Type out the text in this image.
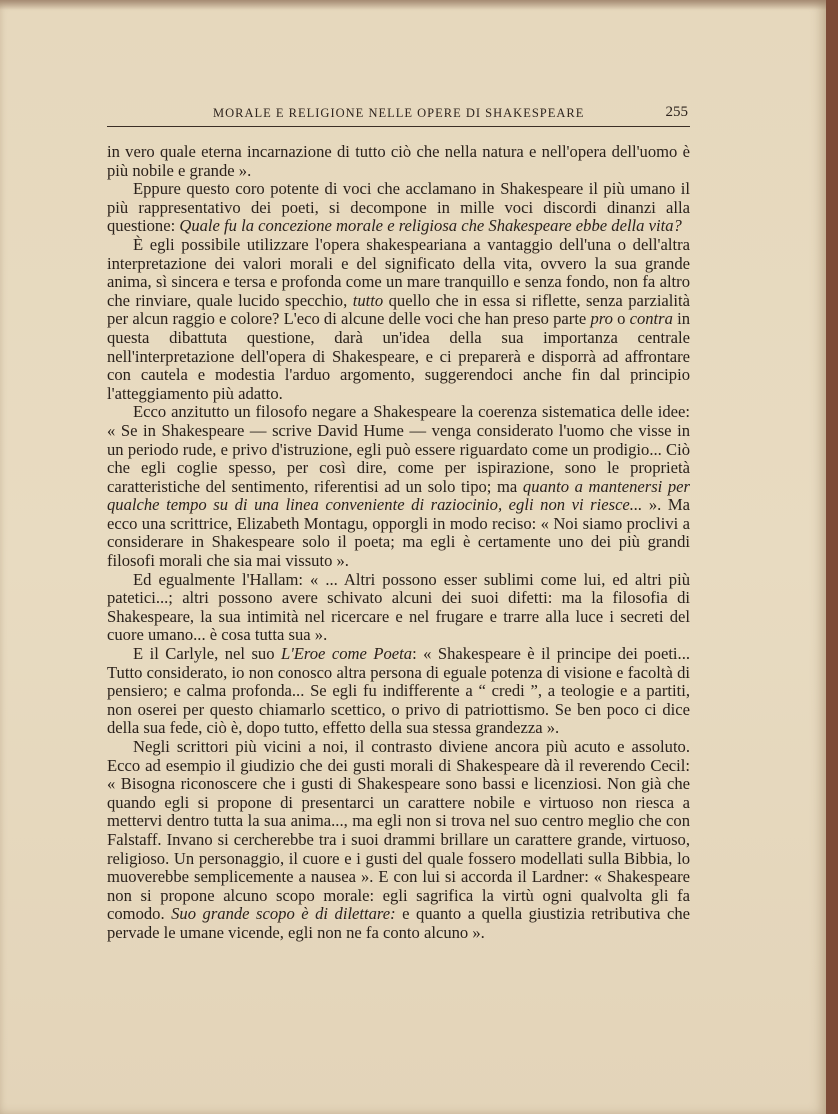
MORALE E RELIGIONE NELLE OPERE DI SHAKESPEARE	255

in vero quale eterna incarnazione di tutto ciò che nella natura e nell'opera dell'uomo è più nobile e grande ».

Eppure questo coro potente di voci che acclamano in Shakespeare il più umano il più rappresentativo dei poeti, si decompone in mille voci discordi dinanzi alla questione: Quale fu la concezione morale e religiosa che Shakespeare ebbe della vita?

È egli possibile utilizzare l'opera shakespeariana a vantaggio dell'una o dell'altra interpretazione dei valori morali e del significato della vita, ovvero la sua grande anima, sì sincera e tersa e profonda come un mare tranquillo e senza fondo, non fa altro che rinviare, quale lucido specchio, tutto quello che in essa si riflette, senza parzialità per alcun raggio e colore? L'eco di alcune delle voci che han preso parte pro o contra in questa dibattuta questione, darà un'idea della sua importanza centrale nell'interpretazione dell'opera di Shakespeare, e ci preparerà e disporrà ad affrontare con cautela e modestia l'arduo argomento, suggerendoci anche fin dal principio l'atteggiamento più adatto.

Ecco anzitutto un filosofo negare a Shakespeare la coerenza sistematica delle idee: « Se in Shakespeare — scrive David Hume — venga considerato l'uomo che visse in un periodo rude, e privo d'istruzione, egli può essere riguardato come un prodigio... Ciò che egli coglie spesso, per così dire, come per ispirazione, sono le proprietà caratteristiche del sentimento, riferentisi ad un solo tipo; ma quanto a mantenersi per qualche tempo su di una linea conveniente di raziocinio, egli non vi riesce... ». Ma ecco una scrittrice, Elizabeth Montagu, opporgli in modo reciso: « Noi siamo proclivi a considerare in Shakespeare solo il poeta; ma egli è certamente uno dei più grandi filosofi morali che sia mai vissuto ».

Ed egualmente l'Hallam: « ... Altri possono esser sublimi come lui, ed altri più patetici...; altri possono avere schivato alcuni dei suoi difetti: ma la filosofia di Shakespeare, la sua intimità nel ricercare e nel frugare e trarre alla luce i secreti del cuore umano... è cosa tutta sua ».

E il Carlyle, nel suo L'Eroe come Poeta: « Shakespeare è il principe dei poeti... Tutto considerato, io non conosco altra persona di eguale potenza di visione e facoltà di pensiero; e calma profonda... Se egli fu indifferente a “ credi ”, a teologie e a partiti, non oserei per questo chiamarlo scettico, o privo di patriottismo. Se ben poco ci dice della sua fede, ciò è, dopo tutto, effetto della sua stessa grandezza ».

Negli scrittori più vicini a noi, il contrasto diviene ancora più acuto e assoluto. Ecco ad esempio il giudizio che dei gusti morali di Shakespeare dà il reverendo Cecil: « Bisogna riconoscere che i gusti di Shakespeare sono bassi e licenziosi. Non già che quando egli si propone di presentarci un carattere nobile e virtuoso non riesca a mettervi dentro tutta la sua anima..., ma egli non si trova nel suo centro meglio che con Falstaff. Invano si cercherebbe tra i suoi drammi brillare un carattere grande, virtuoso, religioso. Un personaggio, il cuore e i gusti del quale fossero modellati sulla Bibbia, lo muoverebbe semplicemente a nausea ». E con lui si accorda il Lardner: « Shakespeare non si propone alcuno scopo morale: egli sagrifica la virtù ogni qualvolta gli fa comodo. Suo grande scopo è di dilettare: e quanto a quella giustizia retributiva che pervade le umane vicende, egli non ne fa conto alcuno ».
